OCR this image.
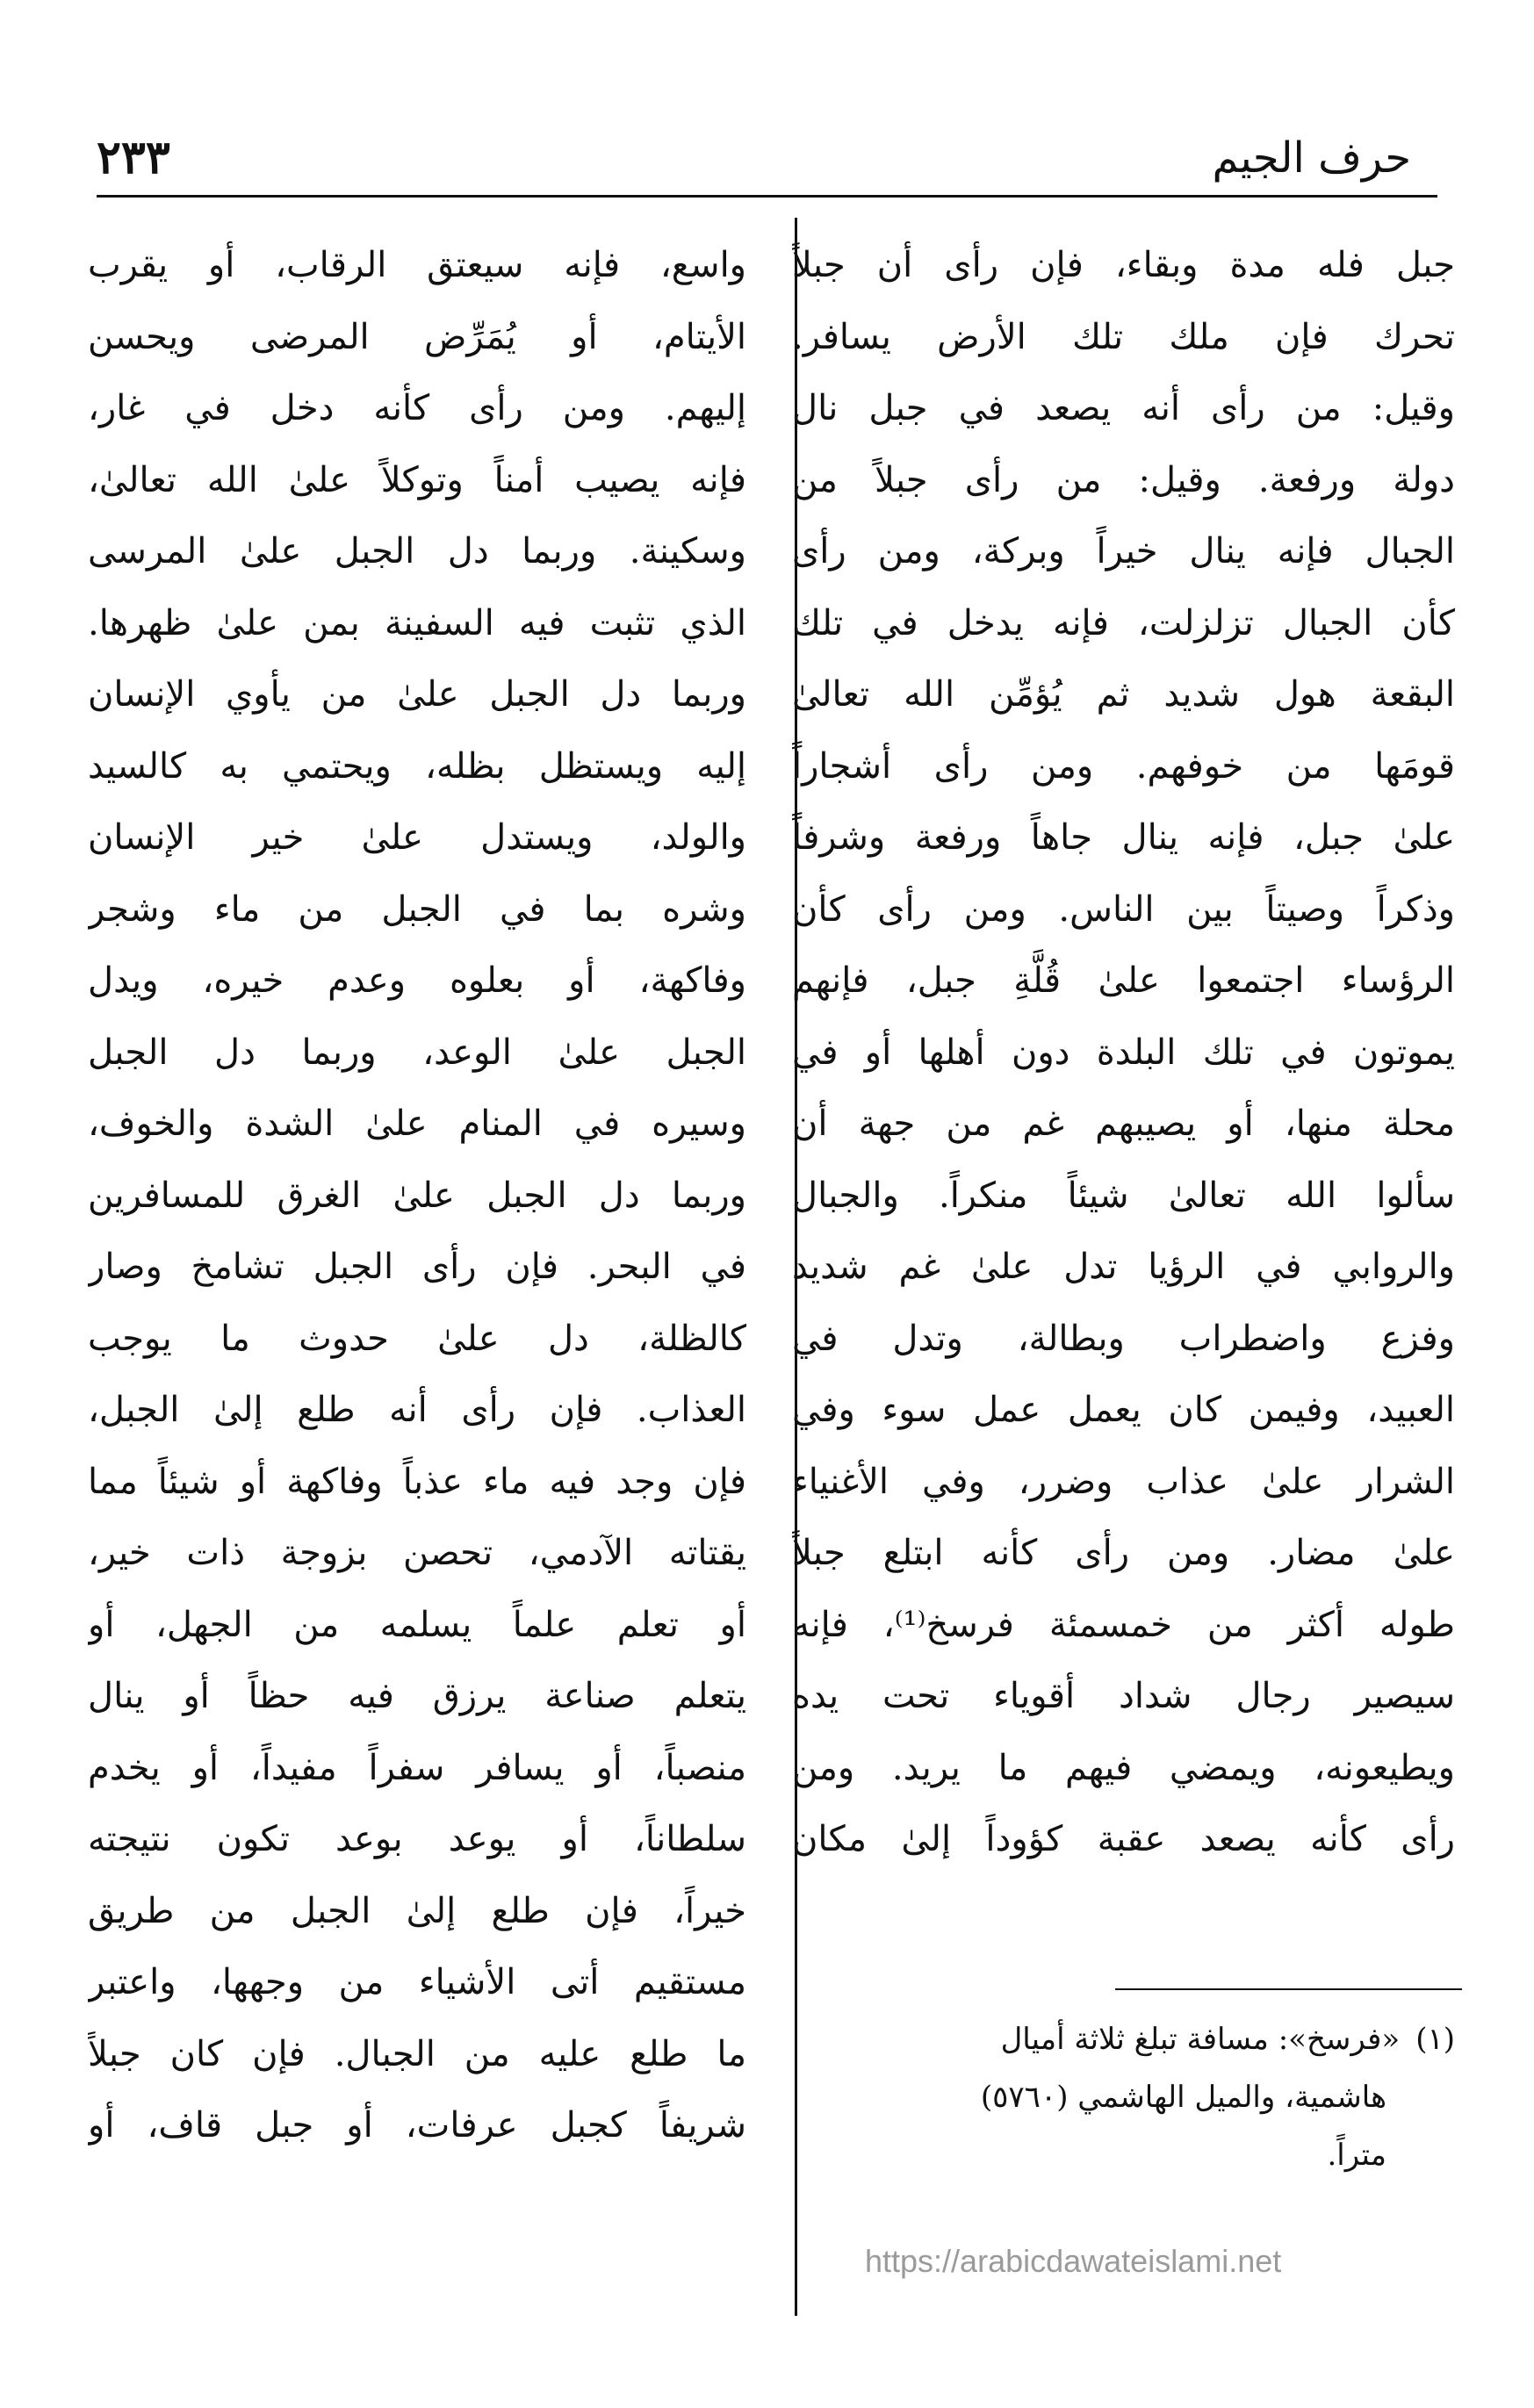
حرف الجيم
٢٣٣
جبل فله مدة وبقاء، فإن رأى أن جبلاً
تحرك فإن ملك تلك الأرض يسافر.
وقيل: من رأى أنه يصعد في جبل نال
دولة ورفعة. وقيل: من رأى جبلاً من
الجبال فإنه ينال خيراً وبركة، ومن رأى
كأن الجبال تزلزلت، فإنه يدخل في تلك
البقعة هول شديد ثم يُؤمِّن الله تعالىٰ
قومَها من خوفهم. ومن رأى أشجاراً
علىٰ جبل، فإنه ينال جاهاً ورفعة وشرفاً
وذكراً وصيتاً بين الناس. ومن رأى كأن
الرؤساء اجتمعوا علىٰ قُلَّةِ جبل، فإنهم
يموتون في تلك البلدة دون أهلها أو في
محلة منها، أو يصيبهم غم من جهة أن
سألوا الله تعالىٰ شيئاً منكراً. والجبال
والروابي في الرؤيا تدل علىٰ غم شديد
وفزع واضطراب وبطالة، وتدل في
العبيد، وفيمن كان يعمل عمل سوء وفي
الشرار علىٰ عذاب وضرر، وفي الأغنياء
علىٰ مضار. ومن رأى كأنه ابتلع جبلاً
طوله أكثر من خمسمئة فرسخ⁽¹⁾، فإنه
سيصير رجال شداد أقوياء تحت يده
ويطيعونه، ويمضي فيهم ما يريد. ومن
رأى كأنه يصعد عقبة كؤوداً إلىٰ مكان
واسع، فإنه سيعتق الرقاب، أو يقرب
الأيتام، أو يُمَرِّض المرضى ويحسن
إليهم. ومن رأى كأنه دخل في غار،
فإنه يصيب أمناً وتوكلاً علىٰ الله تعالىٰ،
وسكينة. وربما دل الجبل علىٰ المرسى
الذي تثبت فيه السفينة بمن علىٰ ظهرها.
وربما دل الجبل علىٰ من يأوي الإنسان
إليه ويستظل بظله، ويحتمي به كالسيد
والولد، ويستدل علىٰ خير الإنسان
وشره بما في الجبل من ماء وشجر
وفاكهة، أو بعلوه وعدم خيره، ويدل
الجبل علىٰ الوعد، وربما دل الجبل
وسيره في المنام علىٰ الشدة والخوف،
وربما دل الجبل علىٰ الغرق للمسافرين
في البحر. فإن رأى الجبل تشامخ وصار
كالظلة، دل علىٰ حدوث ما يوجب
العذاب. فإن رأى أنه طلع إلىٰ الجبل،
فإن وجد فيه ماء عذباً وفاكهة أو شيئاً مما
يقتاته الآدمي، تحصن بزوجة ذات خير،
أو تعلم علماً يسلمه من الجهل، أو
يتعلم صناعة يرزق فيه حظاً أو ينال
منصباً، أو يسافر سفراً مفيداً، أو يخدم
سلطاناً، أو يوعد بوعد تكون نتيجته
خيراً، فإن طلع إلىٰ الجبل من طريق
مستقيم أتى الأشياء من وجهها، واعتبر
ما طلع عليه من الجبال. فإن كان جبلاً
شريفاً كجبل عرفات، أو جبل قاف، أو
(١)«فرسخ»: مسافة تبلغ ثلاثة أميال
هاشمية، والميل الهاشمي (٥٧٦٠)
متراً.
https://arabicdawateislami.net
